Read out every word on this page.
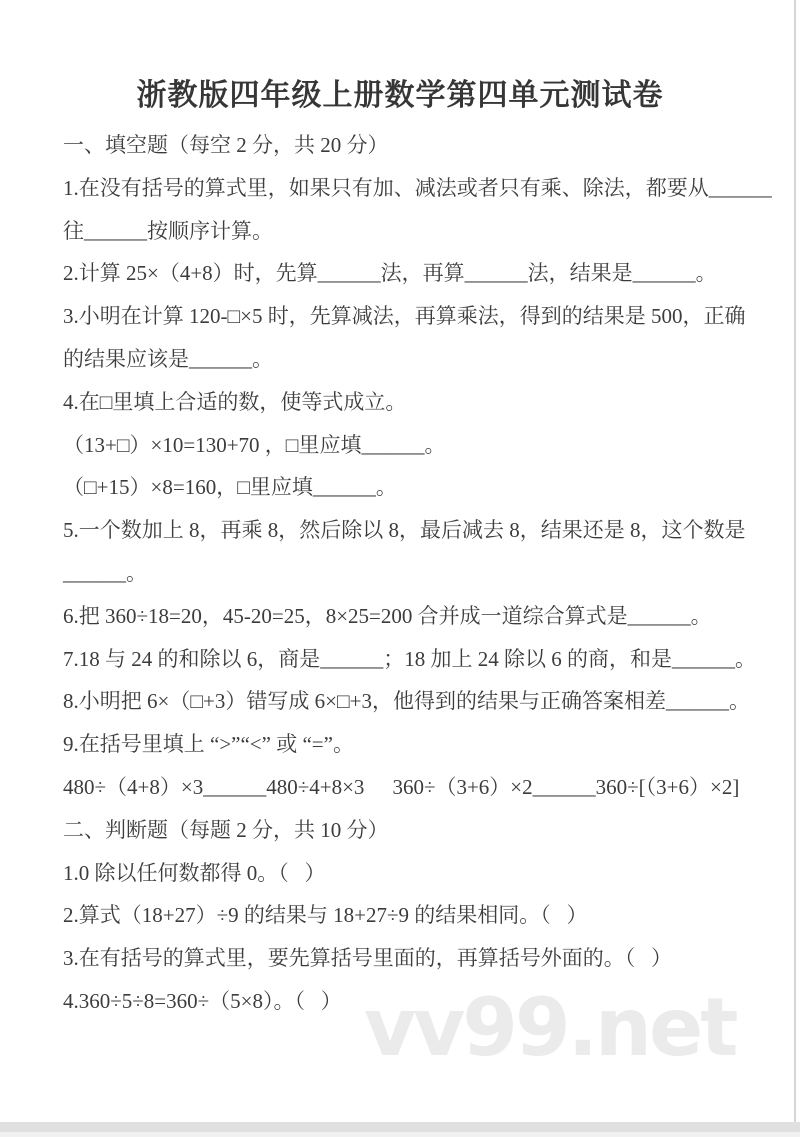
浙教版四年级上册数学第四单元测试卷

一、填空题（每空 2 分，共 20 分）

1.在没有括号的算式里，如果只有加、减法或者只有乘、除法，都要从______

往______按顺序计算。

2.计算 25×（4+8）时，先算______法，再算______法，结果是______。

3.小明在计算 120-□×5 时，先算减法，再算乘法，得到的结果是 500，正确

的结果应该是______。

4.在□里填上合适的数，使等式成立。

（13+□）×10=130+70 ，□里应填______。

（□+15）×8=160，□里应填______。

5.一个数加上 8，再乘 8，然后除以 8，最后减去 8，结果还是 8，这个数是

______。

6.把 360÷18=20，45-20=25，8×25=200 合并成一道综合算式是______。

7.18 与 24 的和除以 6，商是______；18 加上 24 除以 6 的商，和是______。

8.小明把 6×（□+3）错写成 6×□+3，他得到的结果与正确答案相差______。

9.在括号里填上 “>”“<” 或 “=”。

480÷（4+8）×3______480÷4+8×3 360÷（3+6）×2______360÷[（3+6）×2]

二、判断题（每题 2 分，共 10 分）

1.0 除以任何数都得 0。（   ）

2.算式（18+27）÷9 的结果与 18+27÷9 的结果相同。（   ）

3.在有括号的算式里，要先算括号里面的，再算括号外面的。（   ）

4.360÷5÷8=360÷（5×8）。（   ） vv99.net
